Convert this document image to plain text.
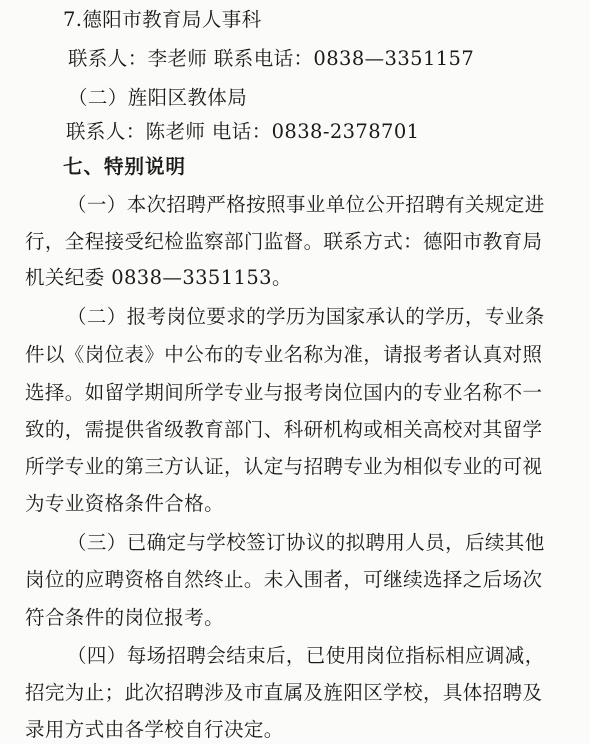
7.德阳市教育局人事科
联系人：李老师 联系电话：0838—3351157
（二）旌阳区教体局
联系人：陈老师 电话：0838-2378701
七、特别说明
（一）本次招聘严格按照事业单位公开招聘有关规定进
行，全程接受纪检监察部门监督。联系方式：德阳市教育局
机关纪委 0838—3351153。
（二）报考岗位要求的学历为国家承认的学历，专业条
件以《岗位表》中公布的专业名称为准，请报考者认真对照
选择。如留学期间所学专业与报考岗位国内的专业名称不一
致的，需提供省级教育部门、科研机构或相关高校对其留学
所学专业的第三方认证，认定与招聘专业为相似专业的可视
为专业资格条件合格。
（三）已确定与学校签订协议的拟聘用人员，后续其他
岗位的应聘资格自然终止。未入围者，可继续选择之后场次
符合条件的岗位报考。
（四）每场招聘会结束后，已使用岗位指标相应调减，
招完为止；此次招聘涉及市直属及旌阳区学校，具体招聘及
录用方式由各学校自行决定。
